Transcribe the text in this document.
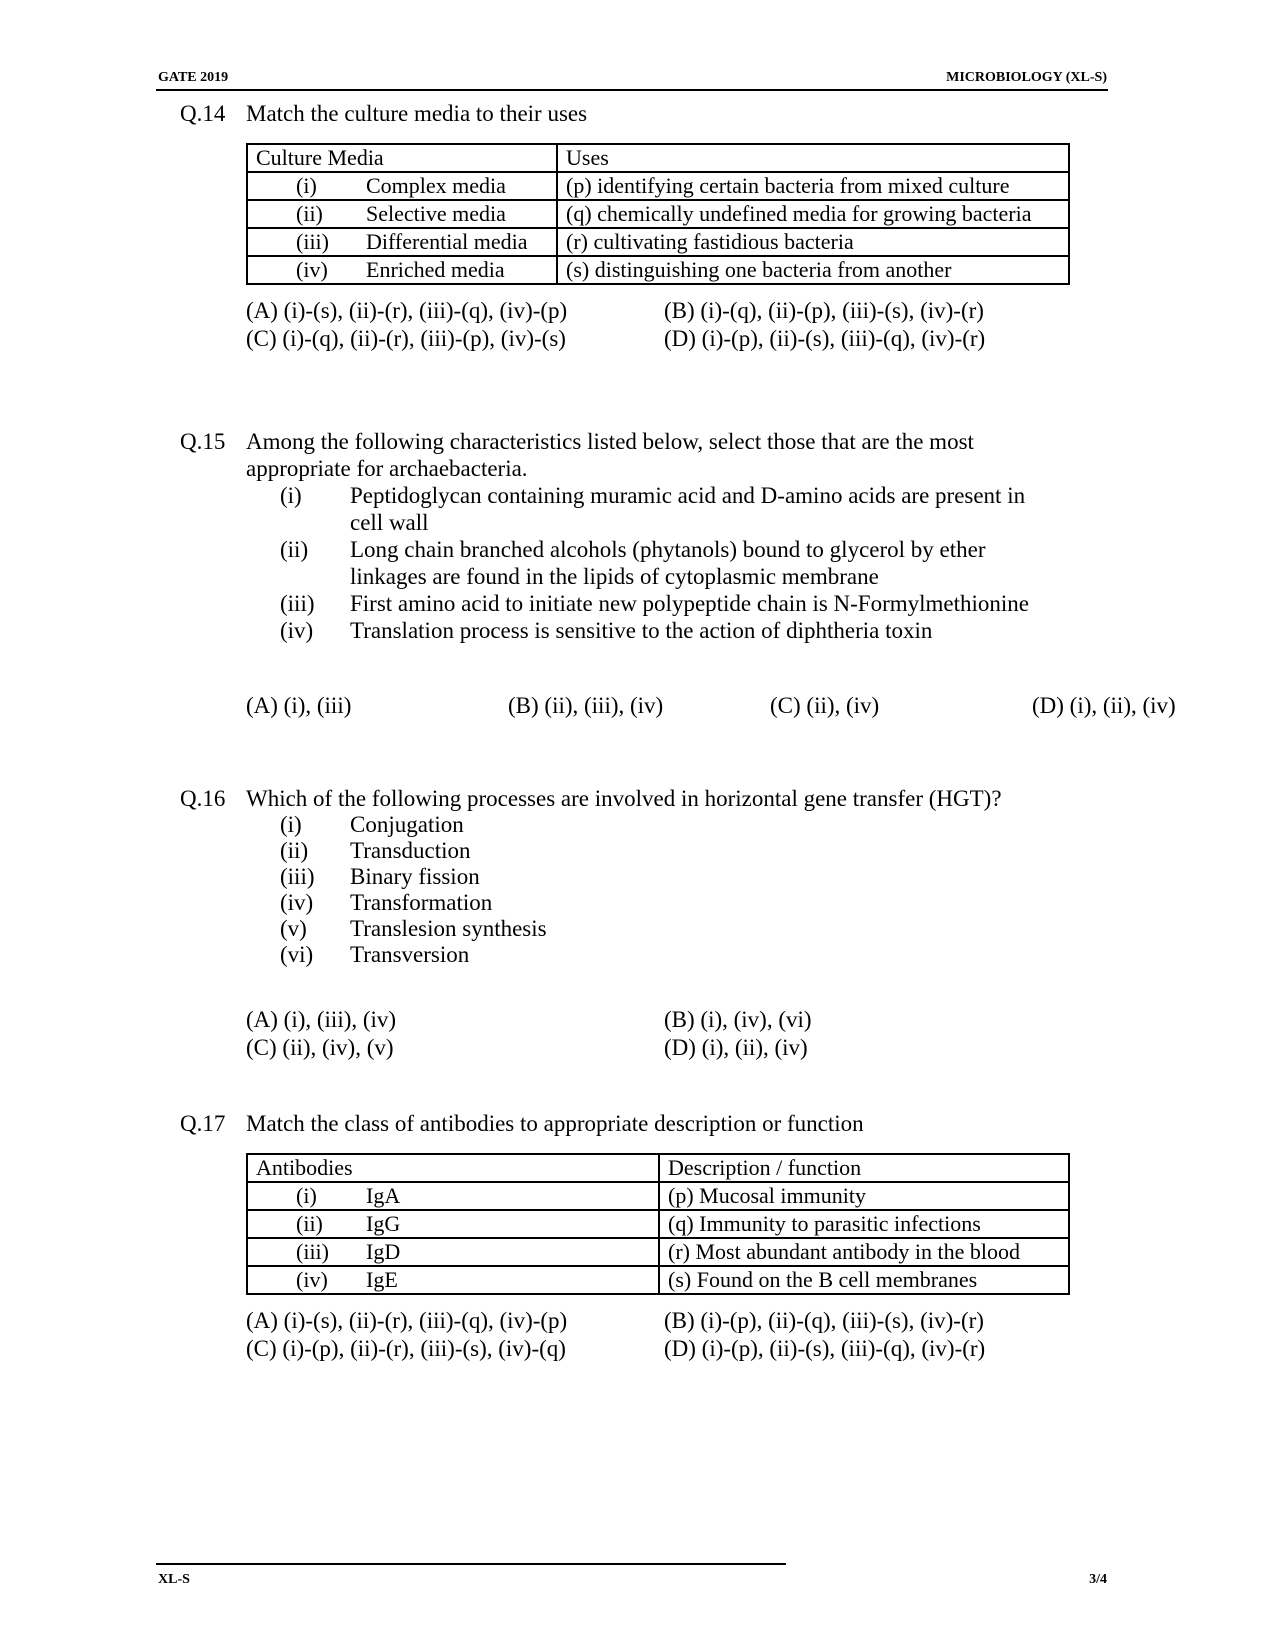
GATE 2019	MICROBIOLOGY (XL-S)
Q.14 Match the culture media to their uses
Culture Media	Uses
(i) Complex media	(p) identifying certain bacteria from mixed culture
(ii) Selective media	(q) chemically undefined media for growing bacteria
(iii) Differential media	(r) cultivating fastidious bacteria
(iv) Enriched media	(s) distinguishing one bacteria from another
(A) (i)-(s), (ii)-(r), (iii)-(q), (iv)-(p)	(B) (i)-(q), (ii)-(p), (iii)-(s), (iv)-(r)
(C) (i)-(q), (ii)-(r), (iii)-(p), (iv)-(s)	(D) (i)-(p), (ii)-(s), (iii)-(q), (iv)-(r)
Q.15 Among the following characteristics listed below, select those that are the most appropriate for archaebacteria.
(i)	Peptidoglycan containing muramic acid and D-amino acids are present in cell wall
(ii)	Long chain branched alcohols (phytanols) bound to glycerol by ether linkages are found in the lipids of cytoplasmic membrane
(iii)	First amino acid to initiate new polypeptide chain is N-Formylmethionine
(iv)	Translation process is sensitive to the action of diphtheria toxin
(A) (i), (iii)	(B) (ii), (iii), (iv)	(C) (ii), (iv)	(D) (i), (ii), (iv)
Q.16 Which of the following processes are involved in horizontal gene transfer (HGT)?
(i)	Conjugation
(ii)	Transduction
(iii)	Binary fission
(iv)	Transformation
(v)	Translesion synthesis
(vi)	Transversion
(A) (i), (iii), (iv)	(B) (i), (iv), (vi)
(C) (ii), (iv), (v)	(D) (i), (ii), (iv)
Q.17 Match the class of antibodies to appropriate description or function
Antibodies	Description / function
(i) IgA	(p) Mucosal immunity
(ii) IgG	(q) Immunity to parasitic infections
(iii) IgD	(r) Most abundant antibody in the blood
(iv) IgE	(s) Found on the B cell membranes
(A) (i)-(s), (ii)-(r), (iii)-(q), (iv)-(p)	(B) (i)-(p), (ii)-(q), (iii)-(s), (iv)-(r)
(C) (i)-(p), (ii)-(r), (iii)-(s), (iv)-(q)	(D) (i)-(p), (ii)-(s), (iii)-(q), (iv)-(r)
XL-S	3/4
